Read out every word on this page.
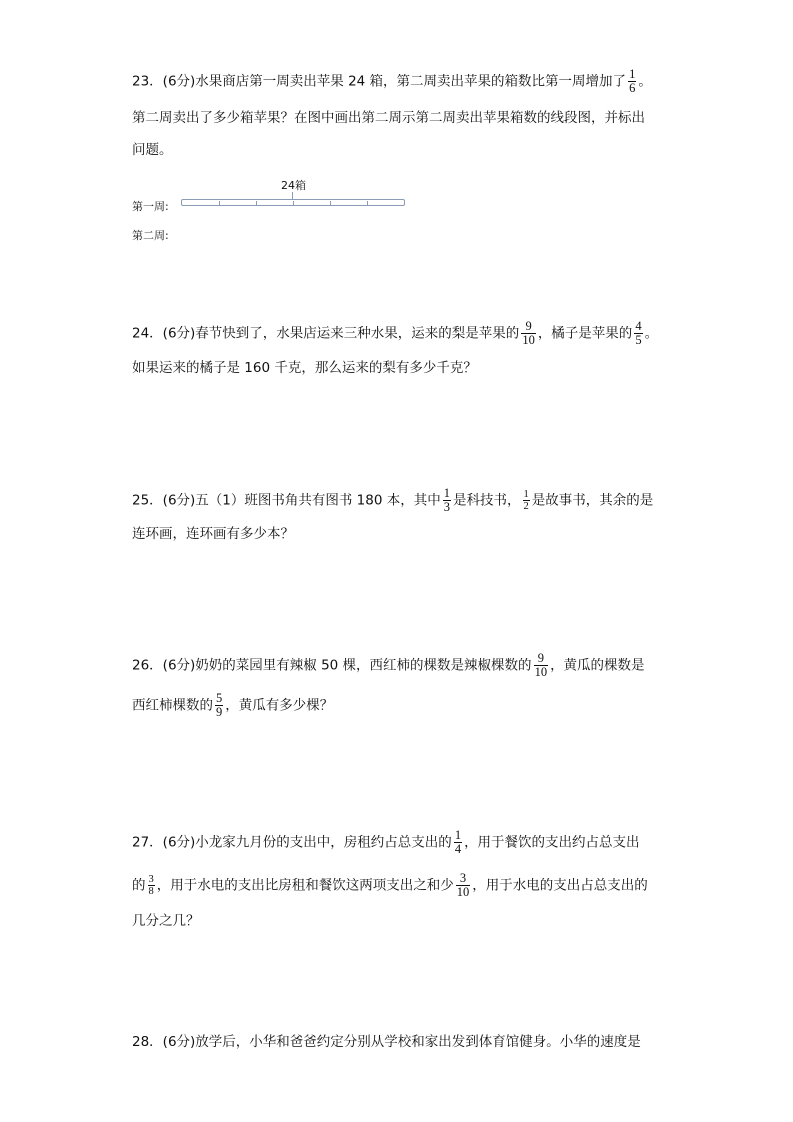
23．(6分)水果商店第一周卖出苹果 24 箱，第二周卖出苹果的箱数比第一周增加了 $\frac{1}{6}$ 。
第二周卖出了多少箱苹果？在图中画出第二周示第二周卖出苹果箱数的线段图，并标出
问题。
24箱
第一周:
第二周:
24．(6分)春节快到了，水果店运来三种水果，运来的梨是苹果的 $\frac{9}{10}$ ，橘子是苹果的 $\frac{4}{5}$ 。
如果运来的橘子是 160 千克，那么运来的梨有多少千克？
25．(6分)五（1）班图书角共有图书 180 本，其中 $\frac{1}{3}$ 是科技书， $\frac{1}{2}$ 是故事书，其余的是
连环画，连环画有多少本？
26．(6分)奶奶的菜园里有辣椒 50 棵，西红柿的棵数是辣椒棵数的 $\frac{9}{10}$ ，黄瓜的棵数是
西红柿棵数的 $\frac{5}{9}$ ，黄瓜有多少棵？
27．(6分)小龙家九月份的支出中，房租约占总支出的 $\frac{1}{4}$ ，用于餐饮的支出约占总支出
的 $\frac{3}{8}$ ，用于水电的支出比房租和餐饮这两项支出之和少 $\frac{3}{10}$ ，用于水电的支出占总支出的
几分之几？
28．(6分)放学后，小华和爸爸约定分别从学校和家出发到体育馆健身。小华的速度是
